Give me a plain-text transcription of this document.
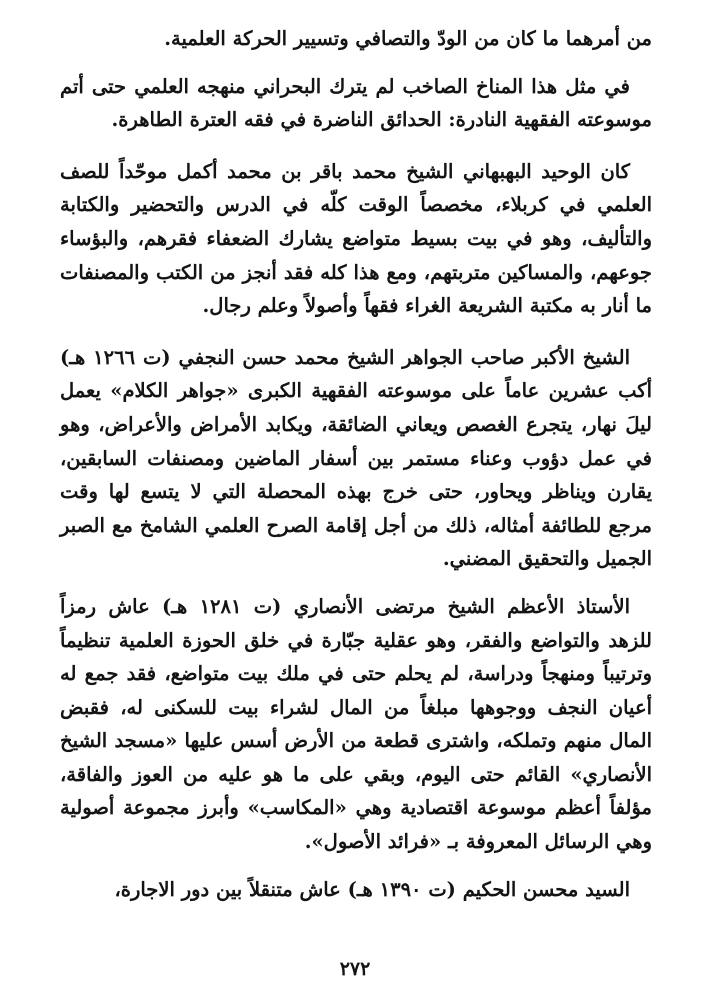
من أمرهما ما كان من الودّ والتصافي وتسيير الحركة العلمية.

في مثل هذا المناخ الصاخب لم يترك البحراني منهجه العلمي حتى أتم موسوعته الفقهية النادرة: الحدائق الناضرة في فقه العترة الطاهرة.

كان الوحيد البهبهاني الشيخ محمد باقر بن محمد أكمل موحّداً للصف العلمي في كربلاء، مخصصاً الوقت كلّه في الدرس والتحضير والكتابة والتأليف، وهو في بيت بسيط متواضع يشارك الضعفاء فقرهم، والبؤساء جوعهم، والمساكين متربتهم، ومع هذا كله فقد أنجز من الكتب والمصنفات ما أنار به مكتبة الشريعة الغراء فقهاً وأصولاً وعلم رجال.

الشيخ الأكبر صاحب الجواهر الشيخ محمد حسن النجفي (ت ١٢٦٦ هـ) أكب عشرين عاماً على موسوعته الفقهية الكبرى «جواهر الكلام» يعمل ليلَ نهار، يتجرع الغصص ويعاني الضائقة، ويكابد الأمراض والأعراض، وهو في عمل دؤوب وعناء مستمر بين أسفار الماضين ومصنفات السابقين، يقارن ويناظر ويحاور، حتى خرج بهذه المحصلة التي لا يتسع لها وقت مرجع للطائفة أمثاله، ذلك من أجل إقامة الصرح العلمي الشامخ مع الصبر الجميل والتحقيق المضني.

الأستاذ الأعظم الشيخ مرتضى الأنصاري (ت ١٢٨١ هـ) عاش رمزاً للزهد والتواضع والفقر، وهو عقلية جبّارة في خلق الحوزة العلمية تنظيماً وترتيباً ومنهجاً ودراسة، لم يحلم حتى في ملك بيت متواضع، فقد جمع له أعيان النجف ووجوهها مبلغاً من المال لشراء بيت للسكنى له، فقبض المال منهم وتملكه، واشترى قطعة من الأرض أسس عليها «مسجد الشيخ الأنصاري» القائم حتى اليوم، وبقي على ما هو عليه من العوز والفاقة، مؤلفاً أعظم موسوعة اقتصادية وهي «المكاسب» وأبرز مجموعة أصولية وهي الرسائل المعروفة بـ «فرائد الأصول».

السيد محسن الحكيم (ت ١٣٩٠ هـ) عاش متنقلاً بين دور الاجارة،

٢٧٢
